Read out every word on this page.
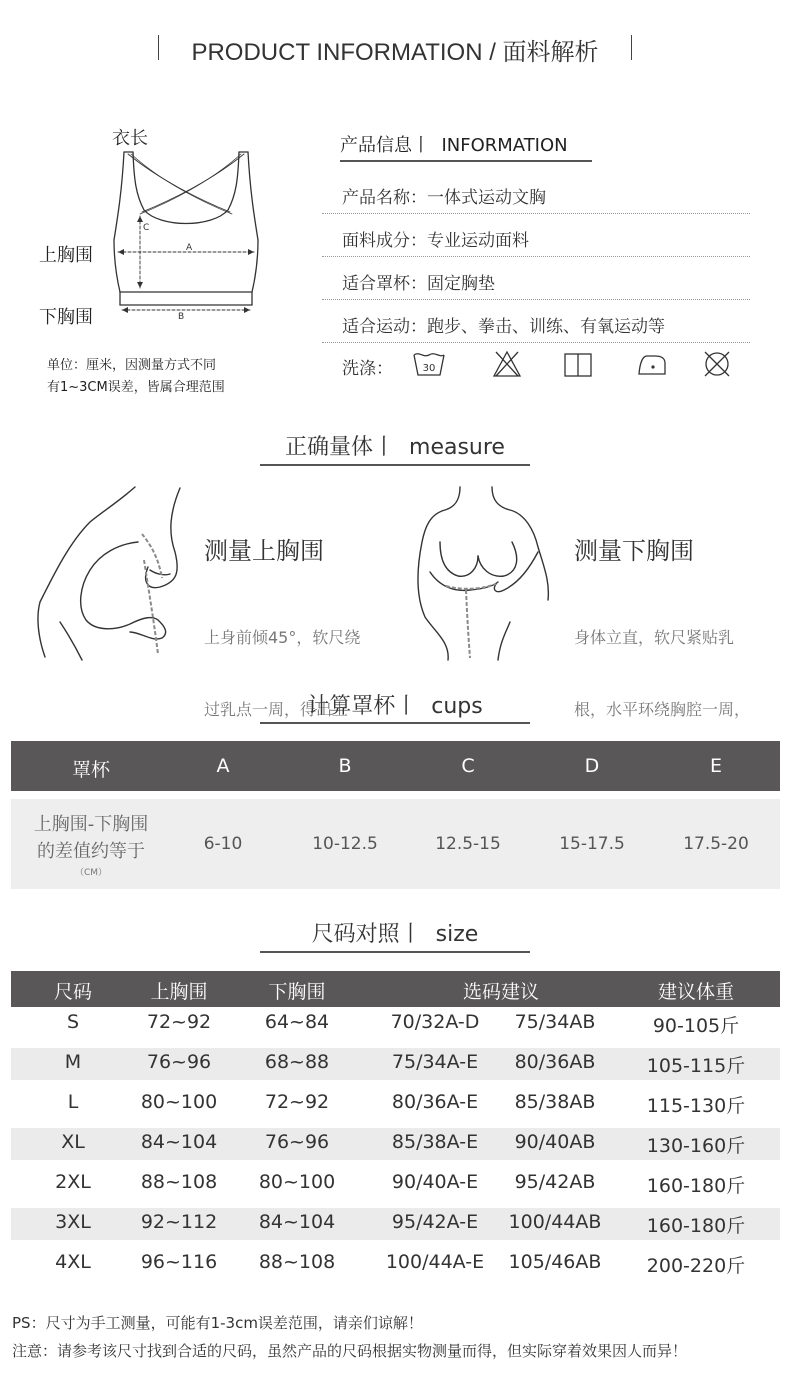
PRODUCT INFORMATION / 面料解析
衣长
上胸围
下胸围
C
A
B
单位：厘米，因测量方式不同
有1~3CM误差，皆属合理范围
产品信息丨  INFORMATION
产品名称：一体式运动文胸
面料成分：专业运动面料
适合罩杯：固定胸垫
适合运动：跑步、拳击、训练、有氧运动等
洗涤：	30
正确量体丨  measure
测量上胸围

上身前倾45°，软尺绕

过乳点一周，得出上

测量下胸围

身体立直，软尺紧贴乳

根，水平环绕胸腔一周，

计算罩杯丨  cups
罩杯	A	B	C	D	E
上胸围-下胸围
的差值约等于
（CM）
6-10	10-12.5	12.5-15	15-17.5	17.5-20
尺码对照丨  size
尺码	上胸围	下胸围	选码建议	建议体重
S	72~92	64~84	70/32A-D	75/34AB	90-105斤
M	76~96	68~88	75/34A-E	80/36AB	105-115斤
L	80~100	72~92	80/36A-E	85/38AB	115-130斤
XL	84~104	76~96	85/38A-E	90/40AB	130-160斤
2XL	88~108	80~100	90/40A-E	95/42AB	160-180斤
3XL	92~112	84~104	95/42A-E	100/44AB	160-180斤
4XL	96~116	88~108	100/44A-E	105/46AB	200-220斤
PS：尺寸为手工测量，可能有1-3cm误差范围，请亲们谅解！
注意：请参考该尺寸找到合适的尺码，虽然产品的尺码根据实物测量而得，但实际穿着效果因人而异！
